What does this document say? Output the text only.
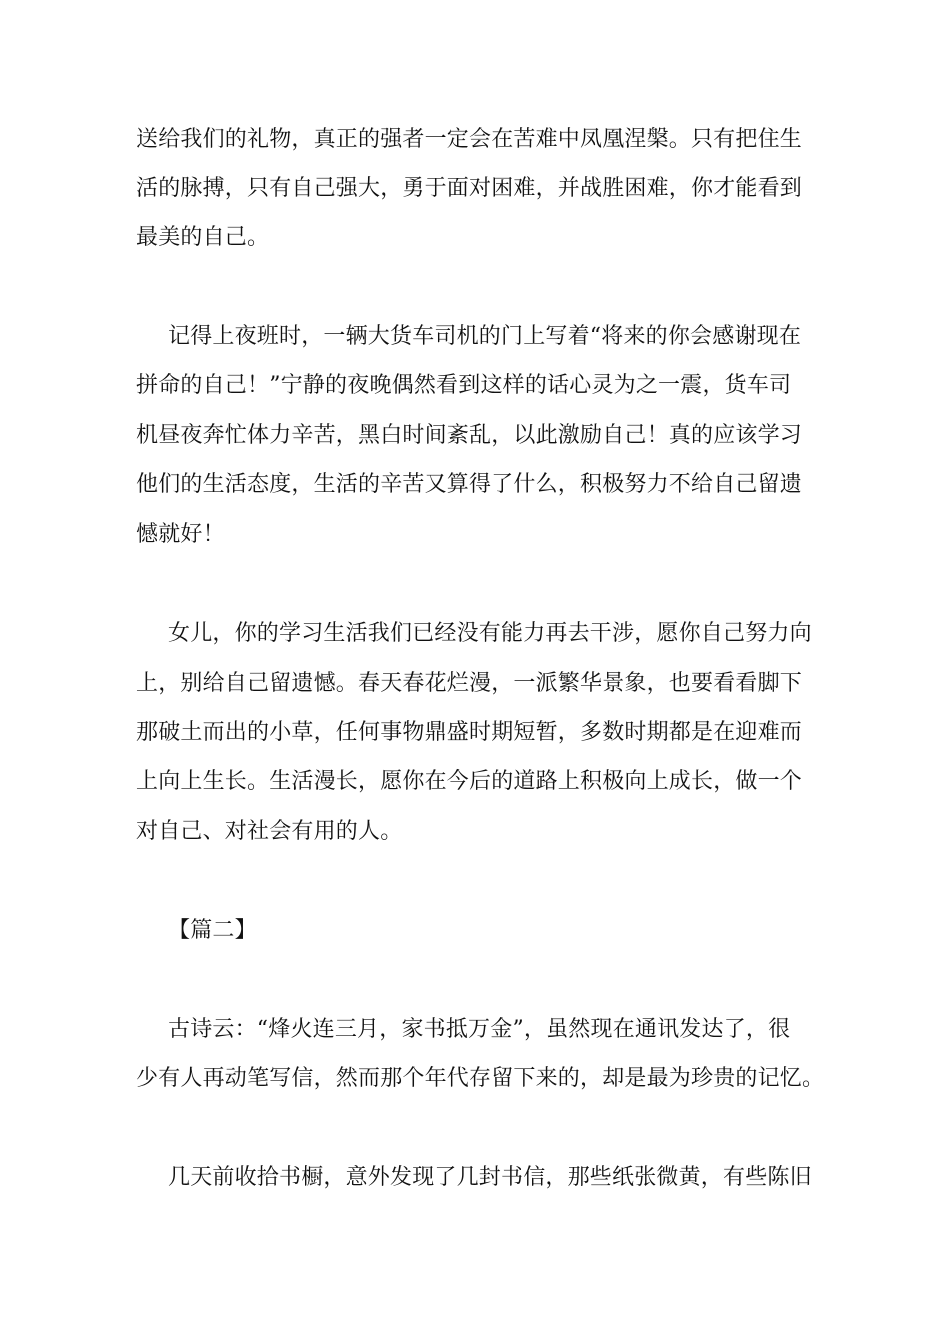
送给我们的礼物，真正的强者一定会在苦难中凤凰涅槃。只有把住生
活的脉搏，只有自己强大，勇于面对困难，并战胜困难，你才能看到
最美的自己。
记得上夜班时，一辆大货车司机的门上写着“将来的你会感谢现在
拼命的自己！”宁静的夜晚偶然看到这样的话心灵为之一震，货车司
机昼夜奔忙体力辛苦，黑白时间紊乱，以此激励自己！真的应该学习
他们的生活态度，生活的辛苦又算得了什么，积极努力不给自己留遗
憾就好！
女儿，你的学习生活我们已经没有能力再去干涉，愿你自己努力向
上，别给自己留遗憾。春天春花烂漫，一派繁华景象，也要看看脚下
那破土而出的小草，任何事物鼎盛时期短暂，多数时期都是在迎难而
上向上生长。生活漫长，愿你在今后的道路上积极向上成长，做一个
对自己、对社会有用的人。
【篇二】
古诗云：“烽火连三月，家书抵万金”，虽然现在通讯发达了，很
少有人再动笔写信，然而那个年代存留下来的，却是最为珍贵的记忆。
几天前收拾书橱，意外发现了几封书信，那些纸张微黄，有些陈旧
